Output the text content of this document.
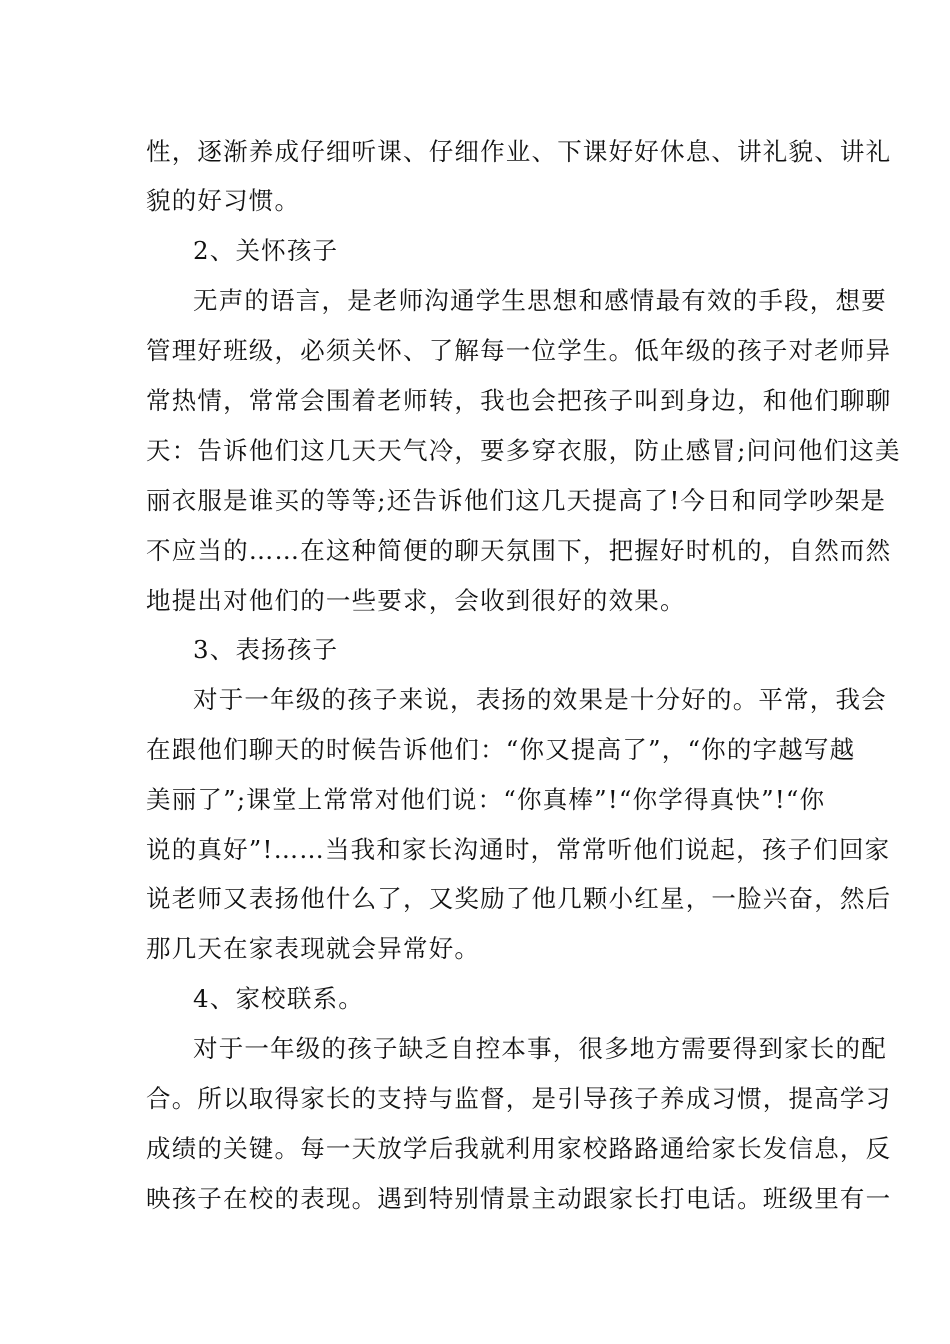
性，逐渐养成仔细听课、仔细作业、下课好好休息、讲礼貌、讲礼

貌的好习惯。

2、关怀孩子

无声的语言，是老师沟通学生思想和感情最有效的手段，想要

管理好班级，必须关怀、了解每一位学生。低年级的孩子对老师异

常热情，常常会围着老师转，我也会把孩子叫到身边，和他们聊聊

天：告诉他们这几天天气冷，要多穿衣服，防止感冒;问问他们这美

丽衣服是谁买的等等;还告诉他们这几天提高了!今日和同学吵架是

不应当的……在这种简便的聊天氛围下，把握好时机的，自然而然

地提出对他们的一些要求，会收到很好的效果。

3、表扬孩子

对于一年级的孩子来说，表扬的效果是十分好的。平常，我会

在跟他们聊天的时候告诉他们：“你又提高了”，“你的字越写越

美丽了”;课堂上常常对他们说：“你真棒”!“你学得真快”!“你

说的真好”!……当我和家长沟通时，常常听他们说起，孩子们回家

说老师又表扬他什么了，又奖励了他几颗小红星，一脸兴奋，然后

那几天在家表现就会异常好。

4、家校联系。

对于一年级的孩子缺乏自控本事，很多地方需要得到家长的配

合。所以取得家长的支持与监督，是引导孩子养成习惯，提高学习

成绩的关键。每一天放学后我就利用家校路路通给家长发信息，反

映孩子在校的表现。遇到特别情景主动跟家长打电话。班级里有一
